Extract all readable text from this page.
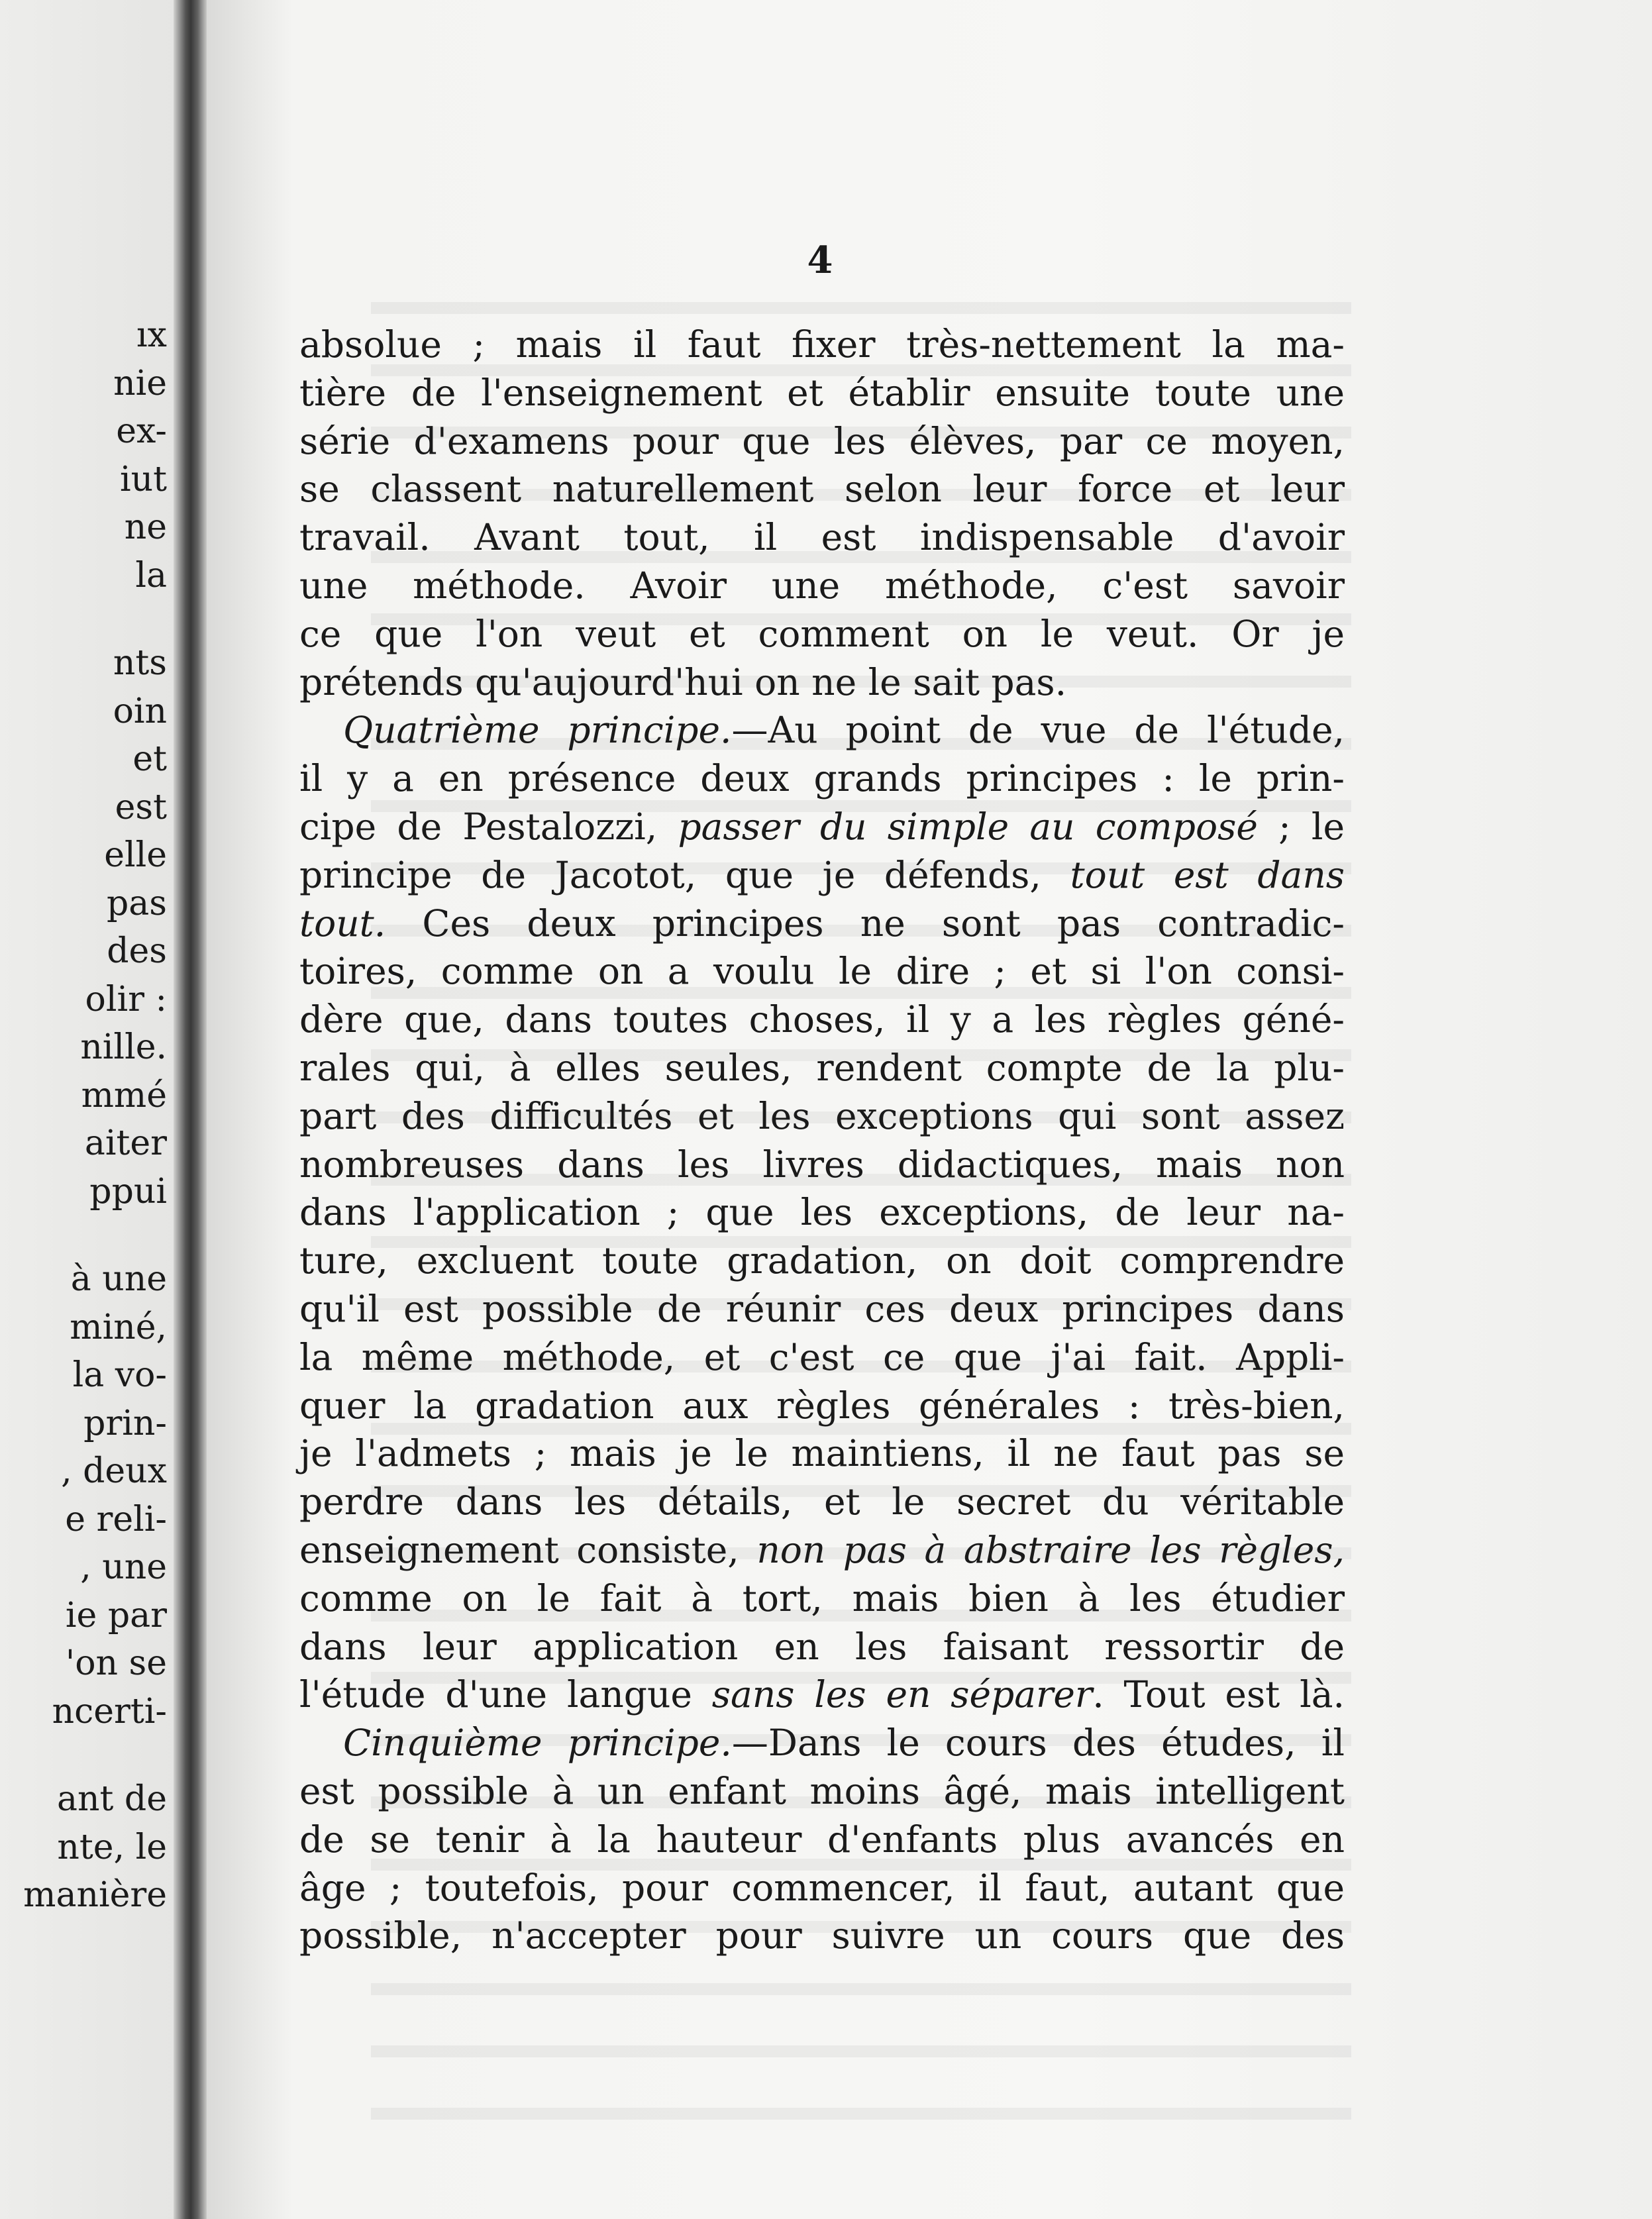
ıx
nie
ex-
iut
ne
la
nts
oin
et
est
elle
pas
des
olir :
nille.
mmé
aiter
ppui
à une
miné,
la vo-
prin-
, deux
e reli-
, une
ie par
'on se
ncerti-
ant de
nte, le
manière
4
absolue ; mais il faut fixer très-nettement la ma-
tière de l'enseignement et établir ensuite toute une
série d'examens pour que les élèves, par ce moyen,
se classent naturellement selon leur force et leur
travail. Avant tout, il est indispensable d'avoir
une méthode. Avoir une méthode, c'est savoir
ce que l'on veut et comment on le veut. Or je
prétends qu'aujourd'hui on ne le sait pas.
Quatrième principe.—Au point de vue de l'étude,
il y a en présence deux grands principes : le prin-
cipe de Pestalozzi, passer du simple au composé ; le
principe de Jacotot, que je défends, tout est dans
tout. Ces deux principes ne sont pas contradic-
toires, comme on a voulu le dire ; et si l'on consi-
dère que, dans toutes choses, il y a les règles géné-
rales qui, à elles seules, rendent compte de la plu-
part des difficultés et les exceptions qui sont assez
nombreuses dans les livres didactiques, mais non
dans l'application ; que les exceptions, de leur na-
ture, excluent toute gradation, on doit comprendre
qu'il est possible de réunir ces deux principes dans
la même méthode, et c'est ce que j'ai fait. Appli-
quer la gradation aux règles générales : très-bien,
je l'admets ; mais je le maintiens, il ne faut pas se
perdre dans les détails, et le secret du véritable
enseignement consiste, non pas à abstraire les règles,
comme on le fait à tort, mais bien à les étudier
dans leur application en les faisant ressortir de
l'étude d'une langue sans les en séparer. Tout est là.
Cinquième principe.—Dans le cours des études, il
est possible à un enfant moins âgé, mais intelligent
de se tenir à la hauteur d'enfants plus avancés en
âge ; toutefois, pour commencer, il faut, autant que
possible, n'accepter pour suivre un cours que des
